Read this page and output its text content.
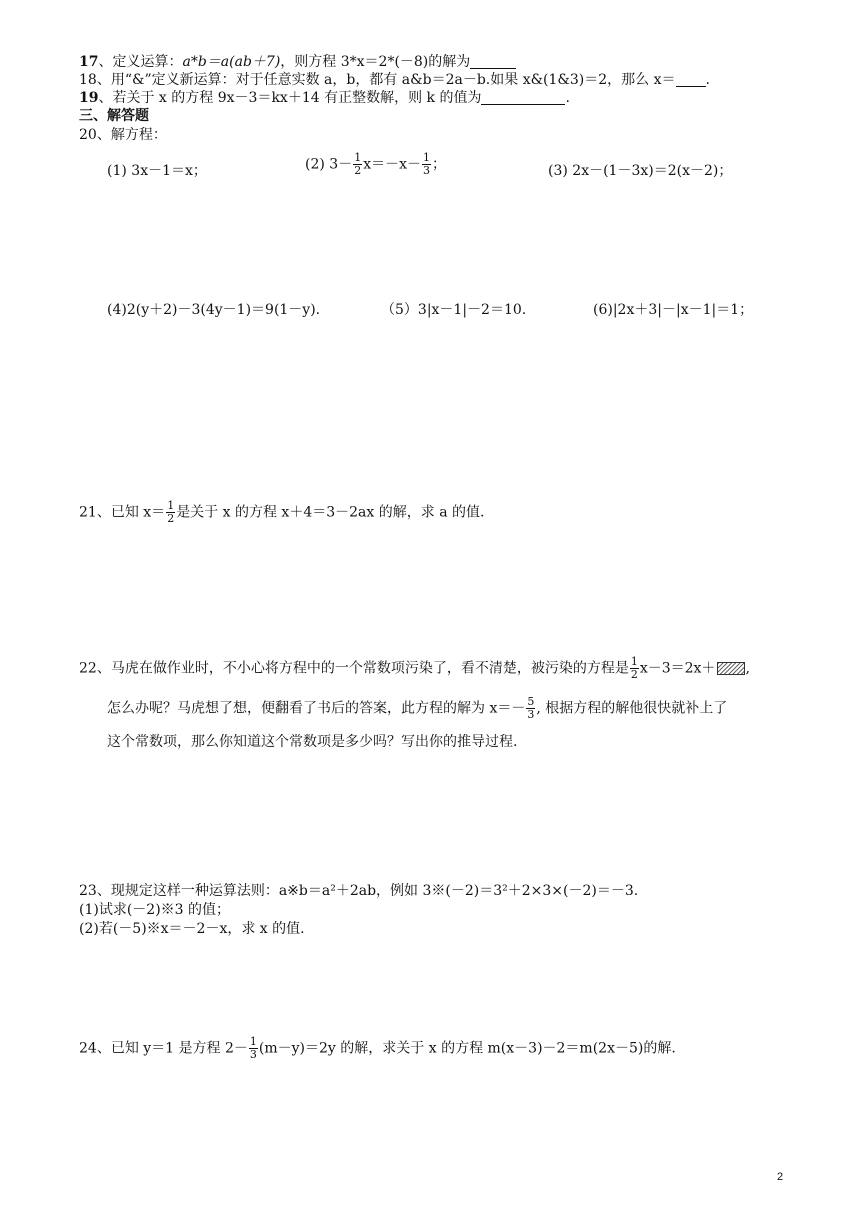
17、定义运算：a*b＝a(ab＋7)，则方程 3*x＝2*(－8)的解为
18、用“&”定义新运算：对于任意实数 a，b，都有 a&b＝2a－b.如果 x&(1&3)＝2，那么 x＝ .
19、若关于 x 的方程 9x－3＝kx＋14 有正整数解，则 k 的值为	.
三、解答题
20、解方程：
(1) 3x－1＝x；	(2) $3- \frac{1}{2} x=-x- \frac{1}{3}$ ；	(3) 2x－(1－3x)＝2(x－2)；
(4)2(y＋2)－3(4y－1)＝9(1－y).	（5）3|x－1|－2＝10.	(6)|2x＋3|－|x－1|＝1；
21、已知 $x= \frac{1}{2}$ 是关于 x 的方程 x＋4＝3－2ax 的解，求 a 的值.
22、马虎在做作业时，不小心将方程中的一个常数项污染了，看不清楚，被污染的方程是 $\frac{1}{2} x-3=2x+$ ,
怎么办呢？马虎想了想，便翻看了书后的答案，此方程的解为 $x=- \frac{5}{3}$ , 根据方程的解他很快就补上了
这个常数项，那么你知道这个常数项是多少吗？写出你的推导过程.
23、现规定这样一种运算法则：a※b＝a²＋2ab，例如 3※(－2)＝3²＋2×3×(－2)＝－3.
(1)试求(－2)※3 的值；
(2)若(－5)※x＝－2－x，求 x 的值.
24、已知 y＝1 是方程 $2- \frac{1}{3} (m-y)=2y$ 的解，求关于 x 的方程 m(x－3)－2＝m(2x－5)的解.
2
